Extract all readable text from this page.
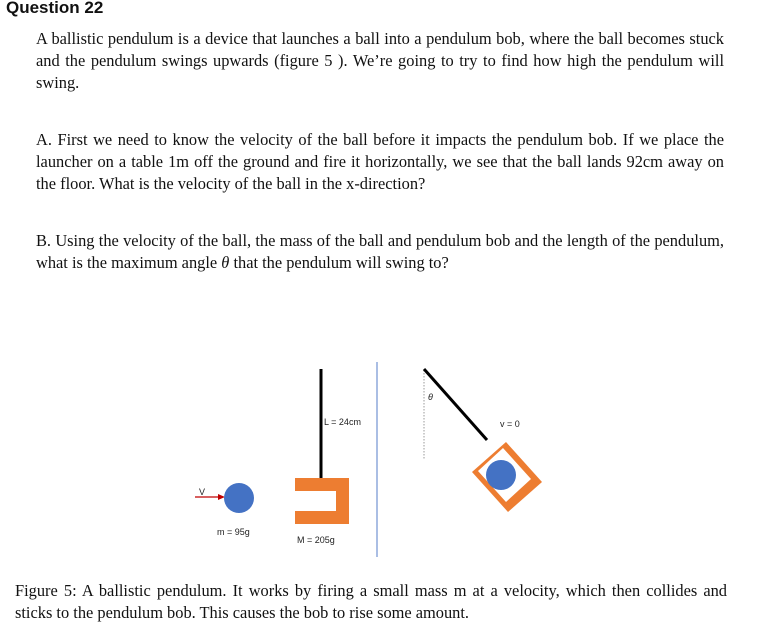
Question 22

A ballistic pendulum is a device that launches a ball into a pendulum bob, where the ball becomes stuck and the pendulum swings upwards (figure 5 ). We’re going to try to find how high the pendulum will swing.

A. First we need to know the velocity of the ball before it impacts the pendulum bob. If we place the launcher on a table 1m off the ground and fire it horizontally, we see that the ball lands 92cm away on the floor. What is the velocity of the ball in the x-direction?

B. Using the velocity of the ball, the mass of the ball and pendulum bob and the length of the pendulum, what is the maximum angle θ that the pendulum will swing to?

V
m = 95g
L = 24cm
M = 205g
θ
v = 0

Figure 5: A ballistic pendulum. It works by firing a small mass m at a velocity, which then collides and sticks to the pendulum bob. This causes the bob to rise some amount.
